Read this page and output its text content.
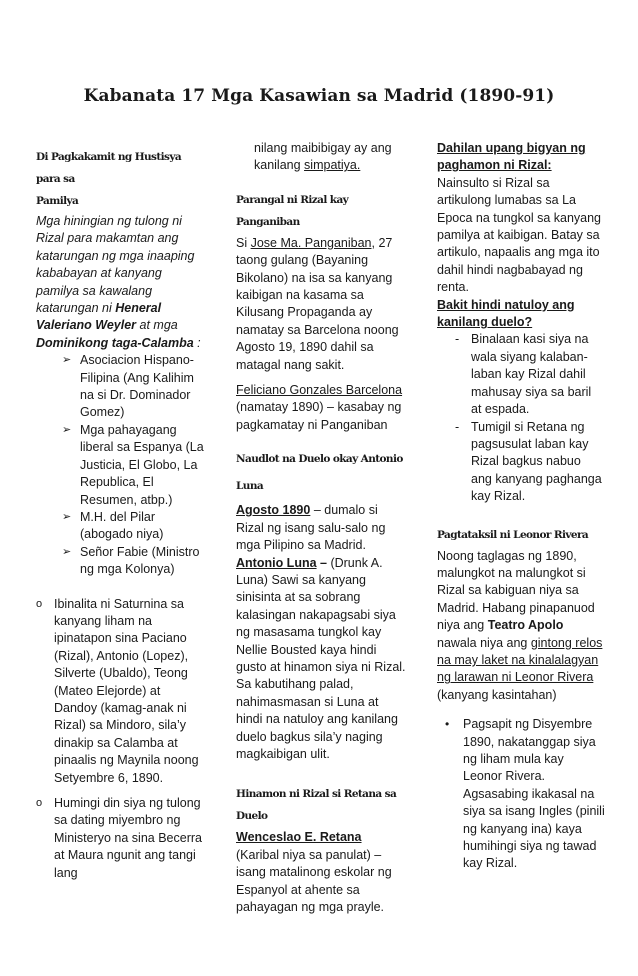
Kabanata 17 Mga Kasawian sa Madrid (1890-91)

Di Pagkakamit ng Hustisya para sa
Pamilya

Mga hiningian ng tulong ni Rizal para makamtan ang katarungan ng mga inaaping kababayan at kanyang pamilya sa kawalang katarungan ni Heneral Valeriano Weyler at mga Dominikong taga-Calamba :

➢ Asociacion Hispano-Filipina (Ang Kalihim na si Dr. Dominador Gomez)
➢ Mga pahayagang liberal sa Espanya (La Justicia, El Globo, La Republica, El Resumen, atbp.)
➢ M.H. del Pilar (abogado niya)
➢ Señor Fabie (Ministro ng mga Kolonya)
o Ibinalita ni Saturnina sa kanyang liham na ipinatapon sina Paciano (Rizal), Antonio (Lopez), Silverte (Ubaldo), Teong (Mateo Elejorde) at Dandoy (kamag-anak ni Rizal) sa Mindoro, sila’y dinakip sa Calamba at pinaalis ng Maynila noong Setyembre 6, 1890.
o Humingi din siya ng tulong sa dating miyembro ng Ministeryo na sina Becerra at Maura ngunit ang tangi lang

nilang maibibigay ay ang kanilang simpatiya.

Parangal ni Rizal kay Panganiban

Si Jose Ma. Panganiban, 27 taong gulang (Bayaning Bikolano) na isa sa kanyang kaibigan na kasama sa Kilusang Propaganda ay namatay sa Barcelona noong Agosto 19, 1890 dahil sa matagal nang sakit.

Feliciano Gonzales Barcelona (namatay 1890) – kasabay ng pagkamatay ni Panganiban

Naudlot na Duelo okay Antonio
Luna

Agosto 1890 – dumalo si Rizal ng isang salu-salo ng mga Pilipino sa Madrid. Antonio Luna – (Drunk A. Luna) Sawi sa kanyang sinisinta at sa sobrang kalasingan nakapagsabi siya ng masasama tungkol kay Nellie Bousted kaya hindi gusto at hinamon siya ni Rizal. Sa kabutihang palad, nahimasmasan si Luna at hindi na natuloy ang kanilang duelo bagkus sila’y naging magkaibigan ulit.

Hinamon ni Rizal si Retana sa Duelo

Wenceslao E. Retana (Karibal niya sa panulat) – isang matalinong eskolar ng Espanyol at ahente sa pahayagan ng mga prayle.

Dahilan upang bigyan ng paghamon ni Rizal:

Nainsulto si Rizal sa artikulong lumabas sa La Epoca na tungkol sa kanyang pamilya at kaibigan. Batay sa artikulo, napaalis ang mga ito dahil hindi nagbabayad ng renta.

Bakit hindi natuloy ang kanilang duelo?

- Binalaan kasi siya na wala siyang kalaban-laban kay Rizal dahil mahusay siya sa baril at espada.
- Tumigil si Retana ng pagsusulat laban kay Rizal bagkus nabuo ang kanyang paghanga kay Rizal.

Pagtataksil ni Leonor Rivera

Noong taglagas ng 1890, malungkot na malungkot si Rizal sa kabiguan niya sa Madrid. Habang pinapanuod niya ang Teatro Apolo nawala niya ang gintong relos na may laket na kinalalagyan ng larawan ni Leonor Rivera (kanyang kasintahan)

• Pagsapit ng Disyembre 1890, nakatanggap siya ng liham mula kay Leonor Rivera. Agsasabing ikakasal na siya sa isang Ingles (pinili ng kanyang ina) kaya humihingi siya ng tawad kay Rizal.
